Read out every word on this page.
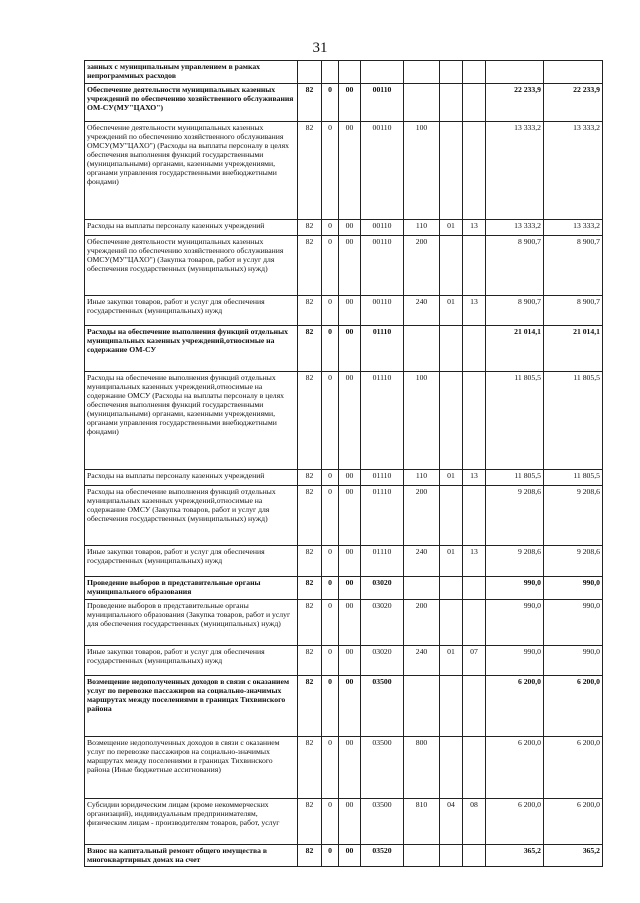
31
занных с муниципальным управлением в рамках непрограммных расходов									
Обеспечение деятельности муниципальных казенных учреждений по обеспечению хозяйственного обслуживания ОМ-СУ(МУ"ЦАХО")	82	0	00	00110				22 233,9	22 233,9
Обеспечение деятельности муниципальных казенных учреждений по обеспечению хозяйственного обслуживания ОМСУ(МУ"ЦАХО") (Расходы на выплаты персоналу в целях обеспечения выполнения функций государственными (муниципальными) органами, казенными учреждениями, органами управления государственными внебюджетными фондами)	82	0	00	00110	100			13 333,2	13 333,2
Расходы на выплаты персоналу казенных учреждений	82	0	00	00110	110	01	13	13 333,2	13 333,2
Обеспечение деятельности муниципальных казенных учреждений по обеспечению хозяйственного обслуживания ОМСУ(МУ"ЦАХО") (Закупка товаров, работ и услуг для обеспечения государственных (муниципальных) нужд)	82	0	00	00110	200			8 900,7	8 900,7
Иные закупки товаров, работ и услуг для обеспечения государственных (муниципальных) нужд	82	0	00	00110	240	01	13	8 900,7	8 900,7
Расходы на обеспечение выполнения функций отдельных муниципальных казенных учреждений,относимые на содержание ОМ-СУ	82	0	00	01110				21 014,1	21 014,1
Расходы на обеспечение выполнения функций отдельных муниципальных казенных учреждений,относимые на содержание ОМСУ (Расходы на выплаты персоналу в целях обеспечения выполнения функций государственными (муниципальными) органами, казенными учреждениями, органами управления государственными внебюджетными фондами)	82	0	00	01110	100			11 805,5	11 805,5
Расходы на выплаты персоналу казенных учреждений	82	0	00	01110	110	01	13	11 805,5	11 805,5
Расходы на обеспечение выполнения функций отдельных муниципальных казенных учреждений,относимые на содержание ОМСУ (Закупка товаров, работ и услуг для обеспечения государственных (муниципальных) нужд)	82	0	00	01110	200			9 208,6	9 208,6
Иные закупки товаров, работ и услуг для обеспечения государственных (муниципальных) нужд	82	0	00	01110	240	01	13	9 208,6	9 208,6
Проведение выборов в представительные органы муниципального образования	82	0	00	03020				990,0	990,0
Проведение выборов в представительные органы муниципального образования (Закупка товаров, работ и услуг для обеспечения государственных (муниципальных) нужд)	82	0	00	03020	200			990,0	990,0
Иные закупки товаров, работ и услуг для обеспечения государственных (муниципальных) нужд	82	0	00	03020	240	01	07	990,0	990,0
Возмещение недополученных доходов в связи с оказанием услуг по перевозке пассажиров на социально-значимых маршрутах между поселениями в границах Тихвинского района	82	0	00	03500				6 200,0	6 200,0
Возмещение недополученных доходов в связи с оказанием услуг по перевозке пассажиров на социально-значимых маршрутах между поселениями в границах Тихвинского района (Иные бюджетные ассигнования)	82	0	00	03500	800			6 200,0	6 200,0
Субсидии юридическим лицам (кроме некоммерческих организаций), индивидуальным предпринимателям, физическим лицам - производителям товаров, работ, услуг	82	0	00	03500	810	04	08	6 200,0	6 200,0
Взнос на капитальный ремонт общего имущества в многоквартирных домах на счет	82	0	00	03520				365,2	365,2
